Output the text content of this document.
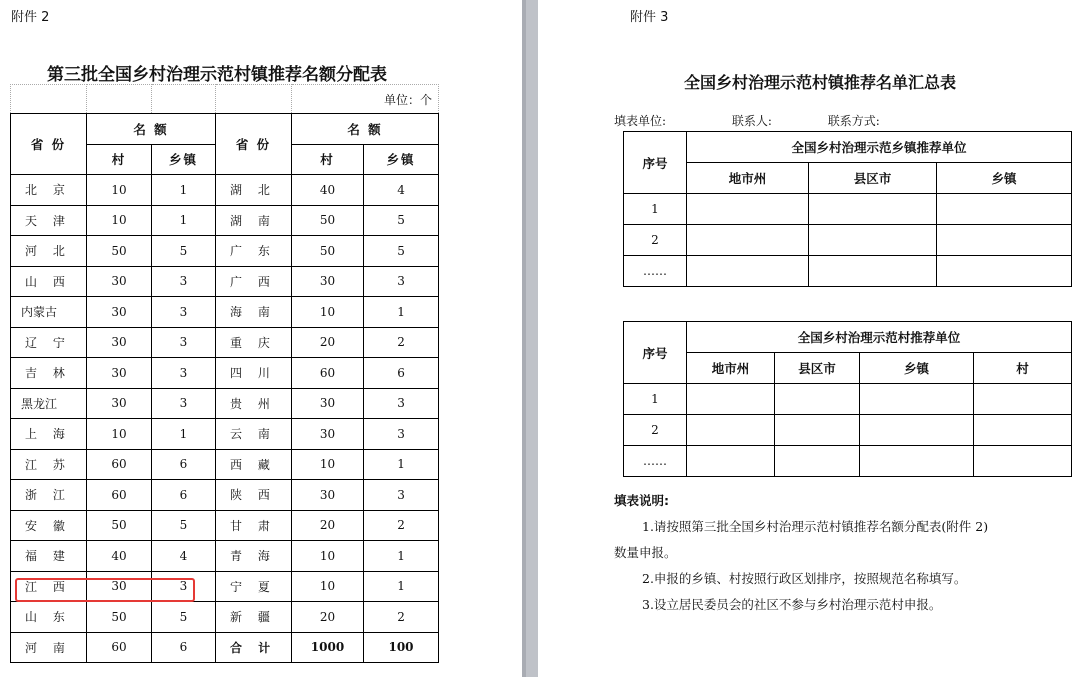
附件 2
第三批全国乡村治理示范村镇推荐名额分配表
				单位：个	
省 份	名 额		省 份	名 额	
	村	乡镇		村	乡镇
北 京	10	1	湖 北	40	4
天 津	10	1	湖 南	50	5
河 北	50	5	广 东	50	5
山 西	30	3	广 西	30	3
内蒙古	30	3	海 南	10	1
辽 宁	30	3	重 庆	20	2
吉 林	30	3	四 川	60	6
黑龙江	30	3	贵 州	30	3
上 海	10	1	云 南	30	3
江 苏	60	6	西 藏	10	1
浙 江	60	6	陕 西	30	3
安 徽	50	5	甘 肃	20	2
福 建	40	4	青 海	10	1
江 西	30	3	宁 夏	10	1
山 东	50	5	新 疆	20	2
河 南	60	6	合 计	1000	100
附件 3
全国乡村治理示范村镇推荐名单汇总表
填表单位:	联系人:	联系方式:
序号	全国乡村治理示范乡镇推荐单位		
	地市州	县区市	乡镇
1			
2			
……			
序号	全国乡村治理示范村推荐单位			
	地市州	县区市	乡镇	村
1				
2				
……				

填表说明:

1.请按照第三批全国乡村治理示范村镇推荐名额分配表(附件 2)

数量申报。

2.申报的乡镇、村按照行政区划排序，按照规范名称填写。

3.设立居民委员会的社区不参与乡村治理示范村申报。
